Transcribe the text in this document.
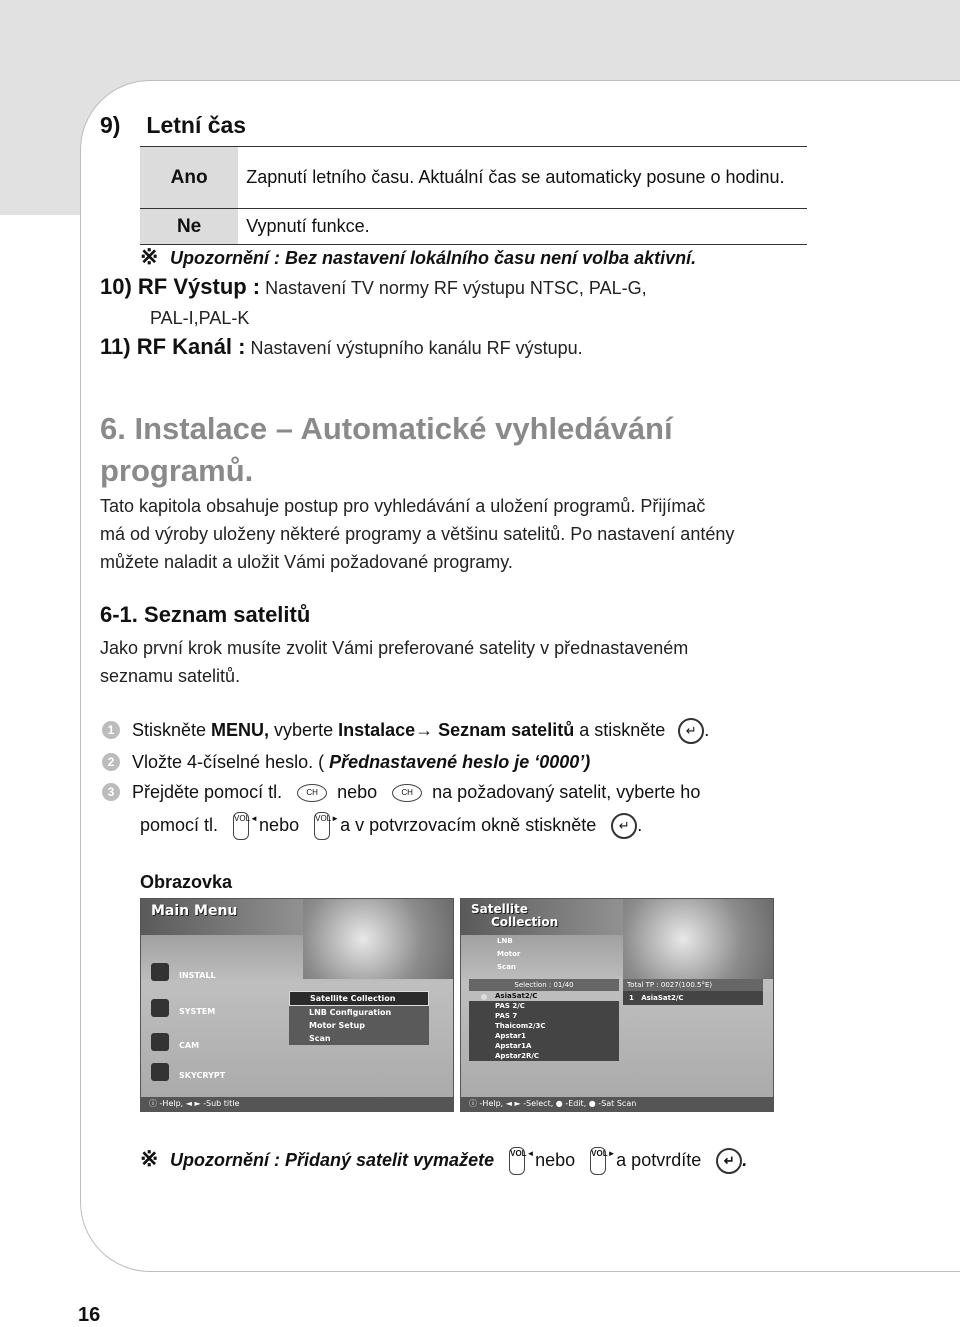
9) Letní čas
Ano	Zapnutí letního času. Aktuální čas se automaticky posune o hodinu.
Ne	Vypnutí funkce.
※ Upozornění : Bez nastavení lokálního času není volba aktivní.
10) RF Výstup : Nastavení TV normy RF výstupu NTSC, PAL-G,
PAL-I,PAL-K
11) RF Kanál : Nastavení výstupního kanálu RF výstupu.
6. Instalace – Automatické vyhledávání
programů.
Tato kapitola obsahuje postup pro vyhledávání a uložení programů. Přijímač
má od výroby uloženy některé programy a většinu satelitů. Po nastavení antény
můžete naladit a uložit Vámi požadované programy.
6-1. Seznam satelitů
Jako první krok musíte zvolit Vámi preferované satelity v přednastaveném
seznamu satelitů.
1 Stiskněte MENU, vyberte Instalace→ Seznam satelitů a stiskněte ↵ .
2 Vložte 4-číselné heslo. ( Přednastavené heslo je ‘0000’)
3 Přejděte pomocí tl.	CH nebo	CH na požadovaný satelit, vyberte ho
pomocí tl. VOL◄nebo VOL►a v potvrzovacím okně stiskněte ↵ .
Obrazovka
Main Menu
INSTALL
SYSTEM
CAM
SKYCRYPT
Satellite Collection
LNB Configuration
Motor Setup
Scan
ⓘ -Help, ◄ ► -Sub title
Satellite
Collection
LNB
Motor
Scan
Selection : 01/40
AsiaSat2/C
PAS 2/C
PAS 7
Thaicom2/3C
Apstar1
Apstar1A
Apstar2R/C
Total TP : 0027(100.5°E)
1 AsiaSat2/C
ⓘ -Help, ◄ ► -Select, ● -Edit, ● -Sat Scan
※ Upozornění : Přidaný satelit vymažete VOL◄nebo VOL►a potvrdíte ↵ .
16
